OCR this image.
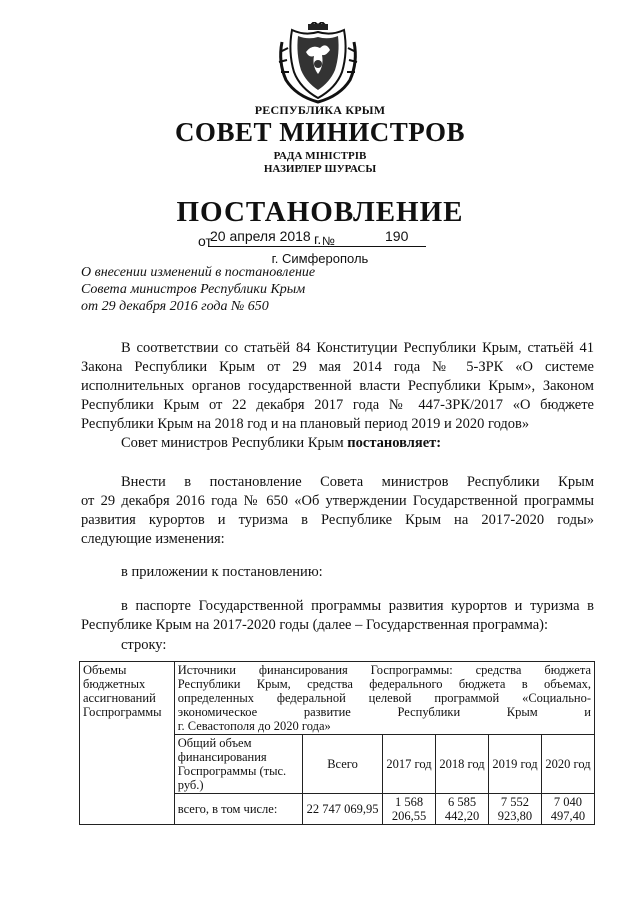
РЕСПУБЛИКА КРЫМ
СОВЕТ МИНИСТРОВ
РАДА МІНІСТРІВ
НАЗИРЛЕР ШУРАСЫ
ПОСТАНОВЛЕНИЕ
от
20 апреля 2018 г. №	190
г. Симферополь
О внесении изменений в постановление
Совета министров Республики Крым
от 29 декабря 2016 года № 650
В соответствии со статьёй 84 Конституции Республики Крым, статьёй 41
Закона Республики Крым от 29 мая 2014 года № 5-ЗРК «О системе
исполнительных органов государственной власти Республики Крым», Законом
Республики Крым от 22 декабря 2017 года № 447-ЗРК/2017 «О бюджете
Республики Крым на 2018 год и на плановый период 2019 и 2020 годов»
Совет министров Республики Крым постановляет:
Внести в постановление Совета министров Республики Крым
от 29 декабря 2016 года № 650 «Об утверждении Государственной программы
развития курортов и туризма в Республике Крым на 2017-2020 годы»
следующие изменения:
в приложении к постановлению:
в паспорте Государственной программы развития курортов и туризма в
Республике Крым на 2017-2020 годы (далее – Государственная программа):
строку:
Объемы бюджетных ассигнований Госпрограммы	Источники финансирования Госпрограммы: средства бюджета
Республики Крым, средства федерального бюджета в объемах,
определенных федеральной целевой программой «Социально-
экономическое развитие Республики Крым и
г. Севастополя до 2020 года»					

	Общий объем финансирования Госпрограммы (тыс. руб.)	Всего	2017 год	2018 год	2019 год	2020 год
	всего, в том числе:	22 747 069,95	1 568 206,55	6 585 442,20	7 552 923,80	7 040 497,40
